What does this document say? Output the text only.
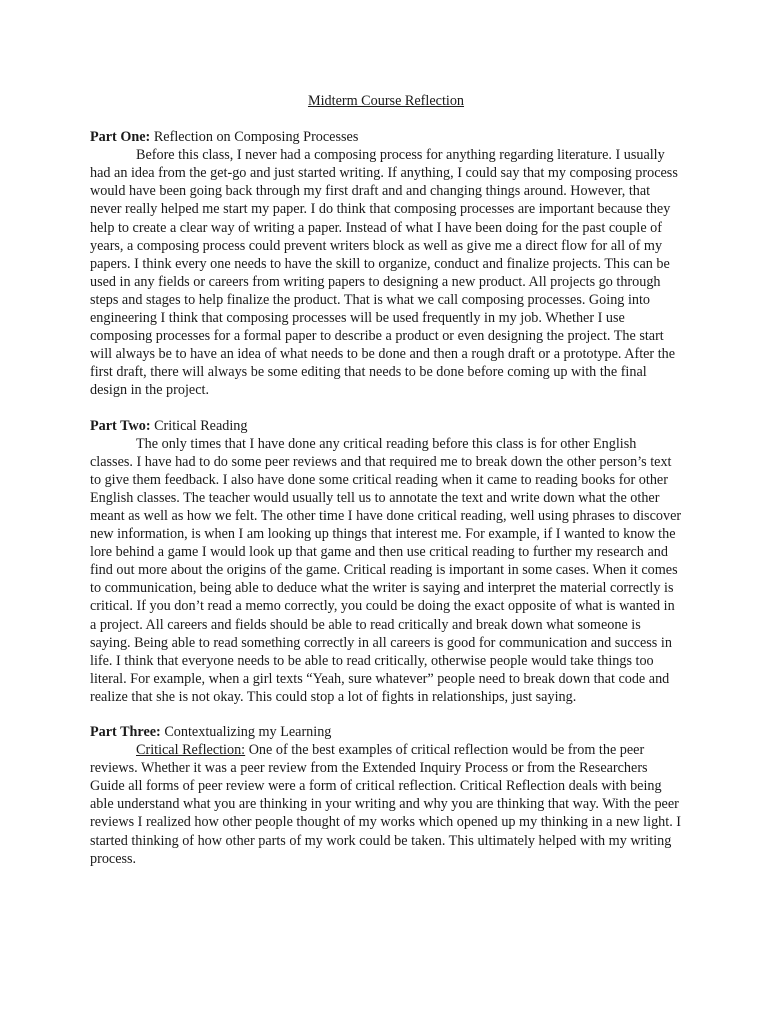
Midterm Course Reflection

Part One: Reflection on Composing Processes

Before this class, I never had a composing process for anything regarding literature. I usually had an idea from the get-go and just started writing. If anything, I could say that my composing process would have been going back through my first draft and and changing things around. However, that never really helped me start my paper. I do think that composing processes are important because they help to create a clear way of writing a paper. Instead of what I have been doing for the past couple of years, a composing process could prevent writers block as well as give me a direct flow for all of my papers. I think every one needs to have the skill to organize, conduct and finalize projects. This can be used in any fields or careers from writing papers to designing a new product. All projects go through steps and stages to help finalize the product. That is what we call composing processes. Going into engineering I think that composing processes will be used frequently in my job. Whether I use composing processes for a formal paper to describe a product or even designing the project. The start will always be to have an idea of what needs to be done and then a rough draft or a prototype. After the first draft, there will always be some editing that needs to be done before coming up with the final design in the project.

Part Two: Critical Reading

The only times that I have done any critical reading before this class is for other English classes. I have had to do some peer reviews and that required me to break down the other person’s text to give them feedback. I also have done some critical reading when it came to reading books for other English classes. The teacher would usually tell us to annotate the text and write down what the other meant as well as how we felt. The other time I have done critical reading, well using phrases to discover new information, is when I am looking up things that interest me. For example, if I wanted to know the lore behind a game I would look up that game and then use critical reading to further my research and find out more about the origins of the game. Critical reading is important in some cases. When it comes to communication, being able to deduce what the writer is saying and interpret the material correctly is critical. If you don’t read a memo correctly, you could be doing the exact opposite of what is wanted in a project. All careers and fields should be able to read critically and break down what someone is saying. Being able to read something correctly in all careers is good for communication and success in life. I think that everyone needs to be able to read critically, otherwise people would take things too literal. For example, when a girl texts “Yeah, sure whatever” people need to break down that code and realize that she is not okay. This could stop a lot of fights in relationships, just saying.

Part Three: Contextualizing my Learning

Critical Reflection: One of the best examples of critical reflection would be from the peer reviews. Whether it was a peer review from the Extended Inquiry Process or from the Researchers Guide all forms of peer review were a form of critical reflection. Critical Reflection deals with being able understand what you are thinking in your writing and why you are thinking that way. With the peer reviews I realized how other people thought of my works which opened up my thinking in a new light. I started thinking of how other parts of my work could be taken. This ultimately helped with my writing process.
